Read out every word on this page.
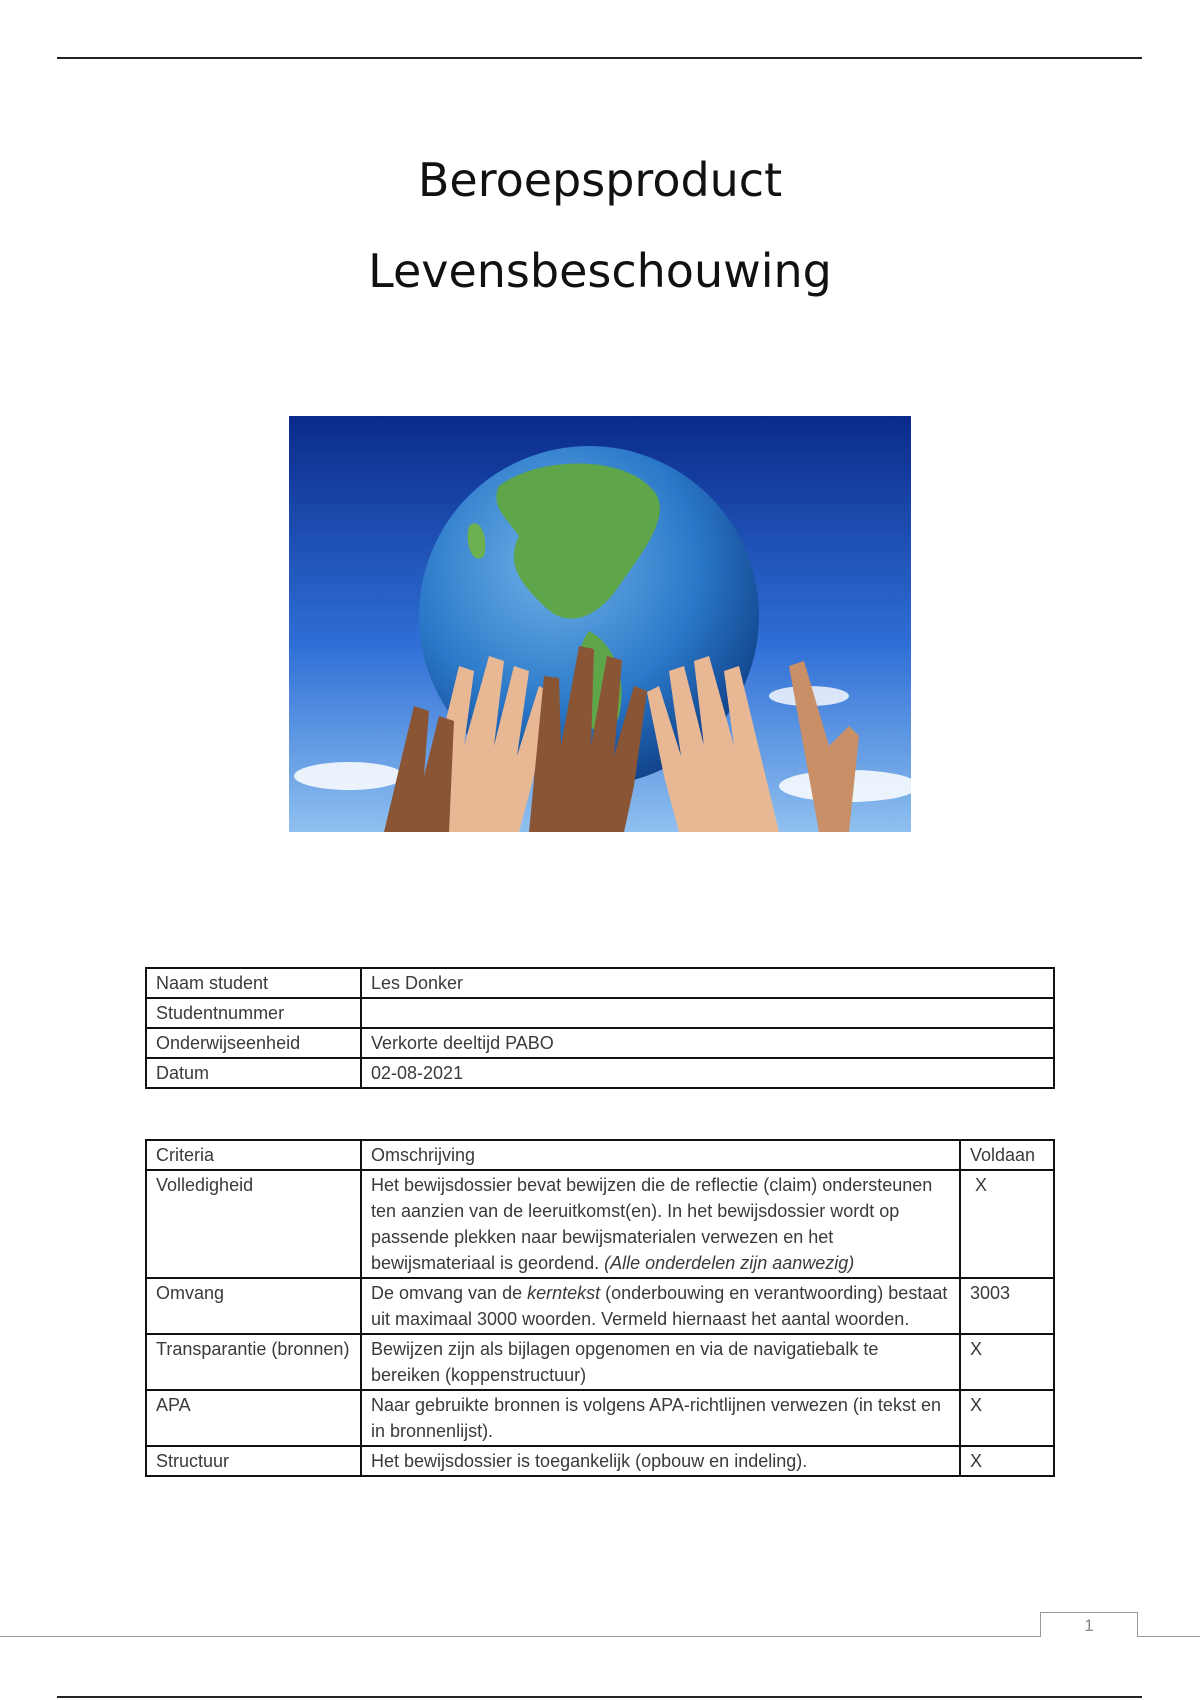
Beroepsproduct
Levensbeschouwing
Naam student	Les Donker
Studentnummer	
Onderwijseenheid	Verkorte deeltijd PABO
Datum	02-08-2021
Criteria	Omschrijving	Voldaan
Volledigheid	Het bewijsdossier bevat bewijzen die de reflectie (claim) ondersteunen ten aanzien van de leeruitkomst(en). In het bewijsdossier wordt op passende plekken naar bewijsmaterialen verwezen en het bewijsmateriaal is geordend. (Alle onderdelen zijn aanwezig)	X
Omvang	De omvang van de kerntekst (onderbouwing en verantwoording) bestaat uit maximaal 3000 woorden. Vermeld hiernaast het aantal woorden.	3003
Transparantie (bronnen)	Bewijzen zijn als bijlagen opgenomen en via de navigatiebalk te bereiken (koppenstructuur)	X
APA	Naar gebruikte bronnen is volgens APA-richtlijnen verwezen (in tekst en in bronnenlijst).	X
Structuur	Het bewijsdossier is toegankelijk (opbouw en indeling).	X
1
